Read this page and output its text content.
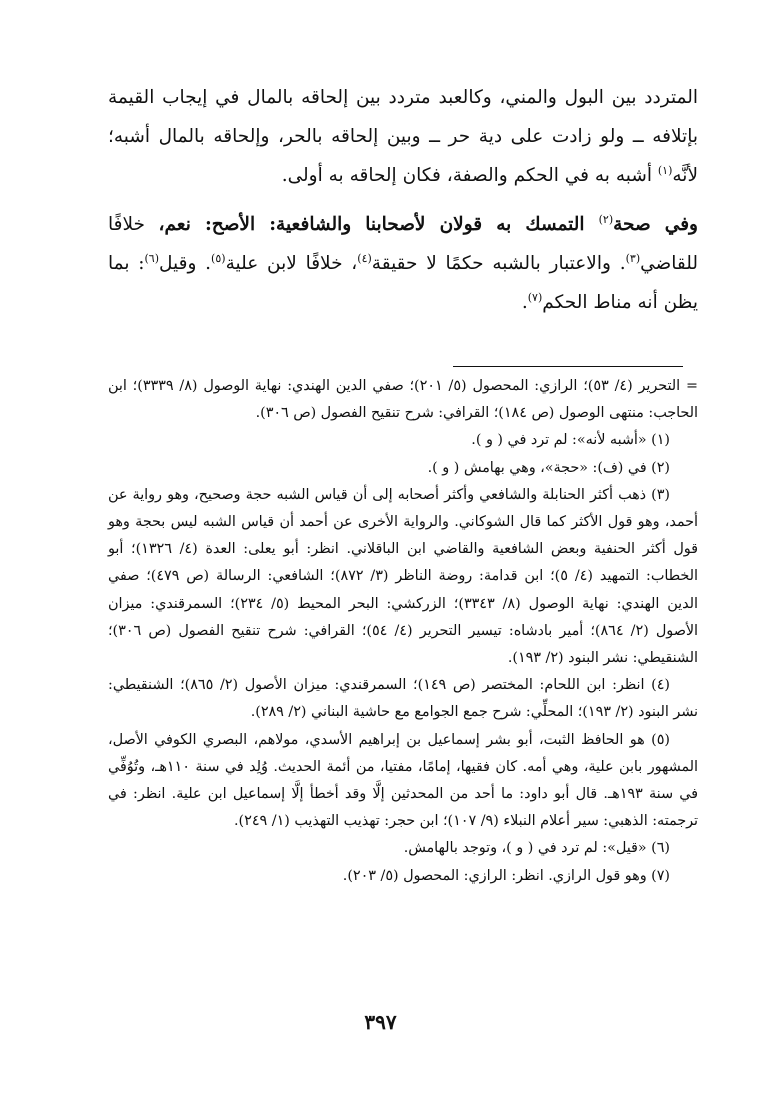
المتردد بين البول والمني، وكالعبد متردد بين إلحاقه بالمال في إيجاب القيمة بإتلافه ــ ولو زادت على دية حر ــ وبين إلحاقه بالحر، وإلحاقه بالمال أشبه؛ لأنَّه$^{(١)}$ أشبه به في الحكم والصفة، فكان إلحاقه به أولى.

وفي صحة$^{(٢)}$ التمسك به قولان لأصحابنا والشافعية: الأصح: نعم، خلافًا للقاضي$^{(٣)}$. والاعتبار بالشبه حكمًا لا حقيقة$^{(٤)}$، خلافًا لابن علية$^{(٥)}$. وقيل$^{(٦)}$: بما يظن أنه مناط الحكم$^{(٧)}$.

= التحرير (٤/ ٥٣)؛ الرازي: المحصول (٥/ ٢٠١)؛ صفي الدين الهندي: نهاية الوصول (٨/ ٣٣٣٩)؛ ابن الحاجب: منتهى الوصول (ص ١٨٤)؛ القرافي: شرح تنقيح الفصول (ص ٣٠٦).

(١) «أشبه لأنه»: لم ترد في ( و ).

(٢) في (ف): «حجة»، وهي بهامش ( و ).

(٣) ذهب أكثر الحنابلة والشافعي وأكثر أصحابه إلى أن قياس الشبه حجة وصحيح، وهو رواية عن أحمد، وهو قول الأكثر كما قال الشوكاني. والرواية الأخرى عن أحمد أن قياس الشبه ليس بحجة وهو قول أكثر الحنفية وبعض الشافعية والقاضي ابن الباقلاني. انظر: أبو يعلى: العدة (٤/ ١٣٢٦)؛ أبو الخطاب: التمهيد (٤/ ٥)؛ ابن قدامة: روضة الناظر (٣/ ٨٧٢)؛ الشافعي: الرسالة (ص ٤٧٩)؛ صفي الدين الهندي: نهاية الوصول (٨/ ٣٣٤٣)؛ الزركشي: البحر المحيط (٥/ ٢٣٤)؛ السمرقندي: ميزان الأصول (٢/ ٨٦٤)؛ أمير بادشاه: تيسير التحرير (٤/ ٥٤)؛ القرافي: شرح تنقيح الفصول (ص ٣٠٦)؛ الشنقيطي: نشر البنود (٢/ ١٩٣).

(٤) انظر: ابن اللحام: المختصر (ص ١٤٩)؛ السمرقندي: ميزان الأصول (٢/ ٨٦٥)؛ الشنقيطي: نشر البنود (٢/ ١٩٣)؛ المحلِّي: شرح جمع الجوامع مع حاشية البناني (٢/ ٢٨٩).

(٥) هو الحافظ الثبت، أبو بشر إسماعيل بن إبراهيم الأسدي، مولاهم، البصري الكوفي الأصل، المشهور بابن علية، وهي أمه. كان فقيها، إمامًا، مفتيا، من أئمة الحديث. وُلِد في سنة ١١٠هـ، وتُوُفِّي في سنة ١٩٣هـ. قال أبو داود: ما أحد من المحدثين إلَّا وقد أخطأ إلَّا إسماعيل ابن علية. انظر: في ترجمته: الذهبي: سير أعلام النبلاء (٩/ ١٠٧)؛ ابن حجر: تهذيب التهذيب (١/ ٢٤٩).

(٦) «قيل»: لم ترد في ( و )، وتوجد بالهامش.

(٧) وهو قول الرازي. انظر: الرازي: المحصول (٥/ ٢٠٣).

٣٩٧
